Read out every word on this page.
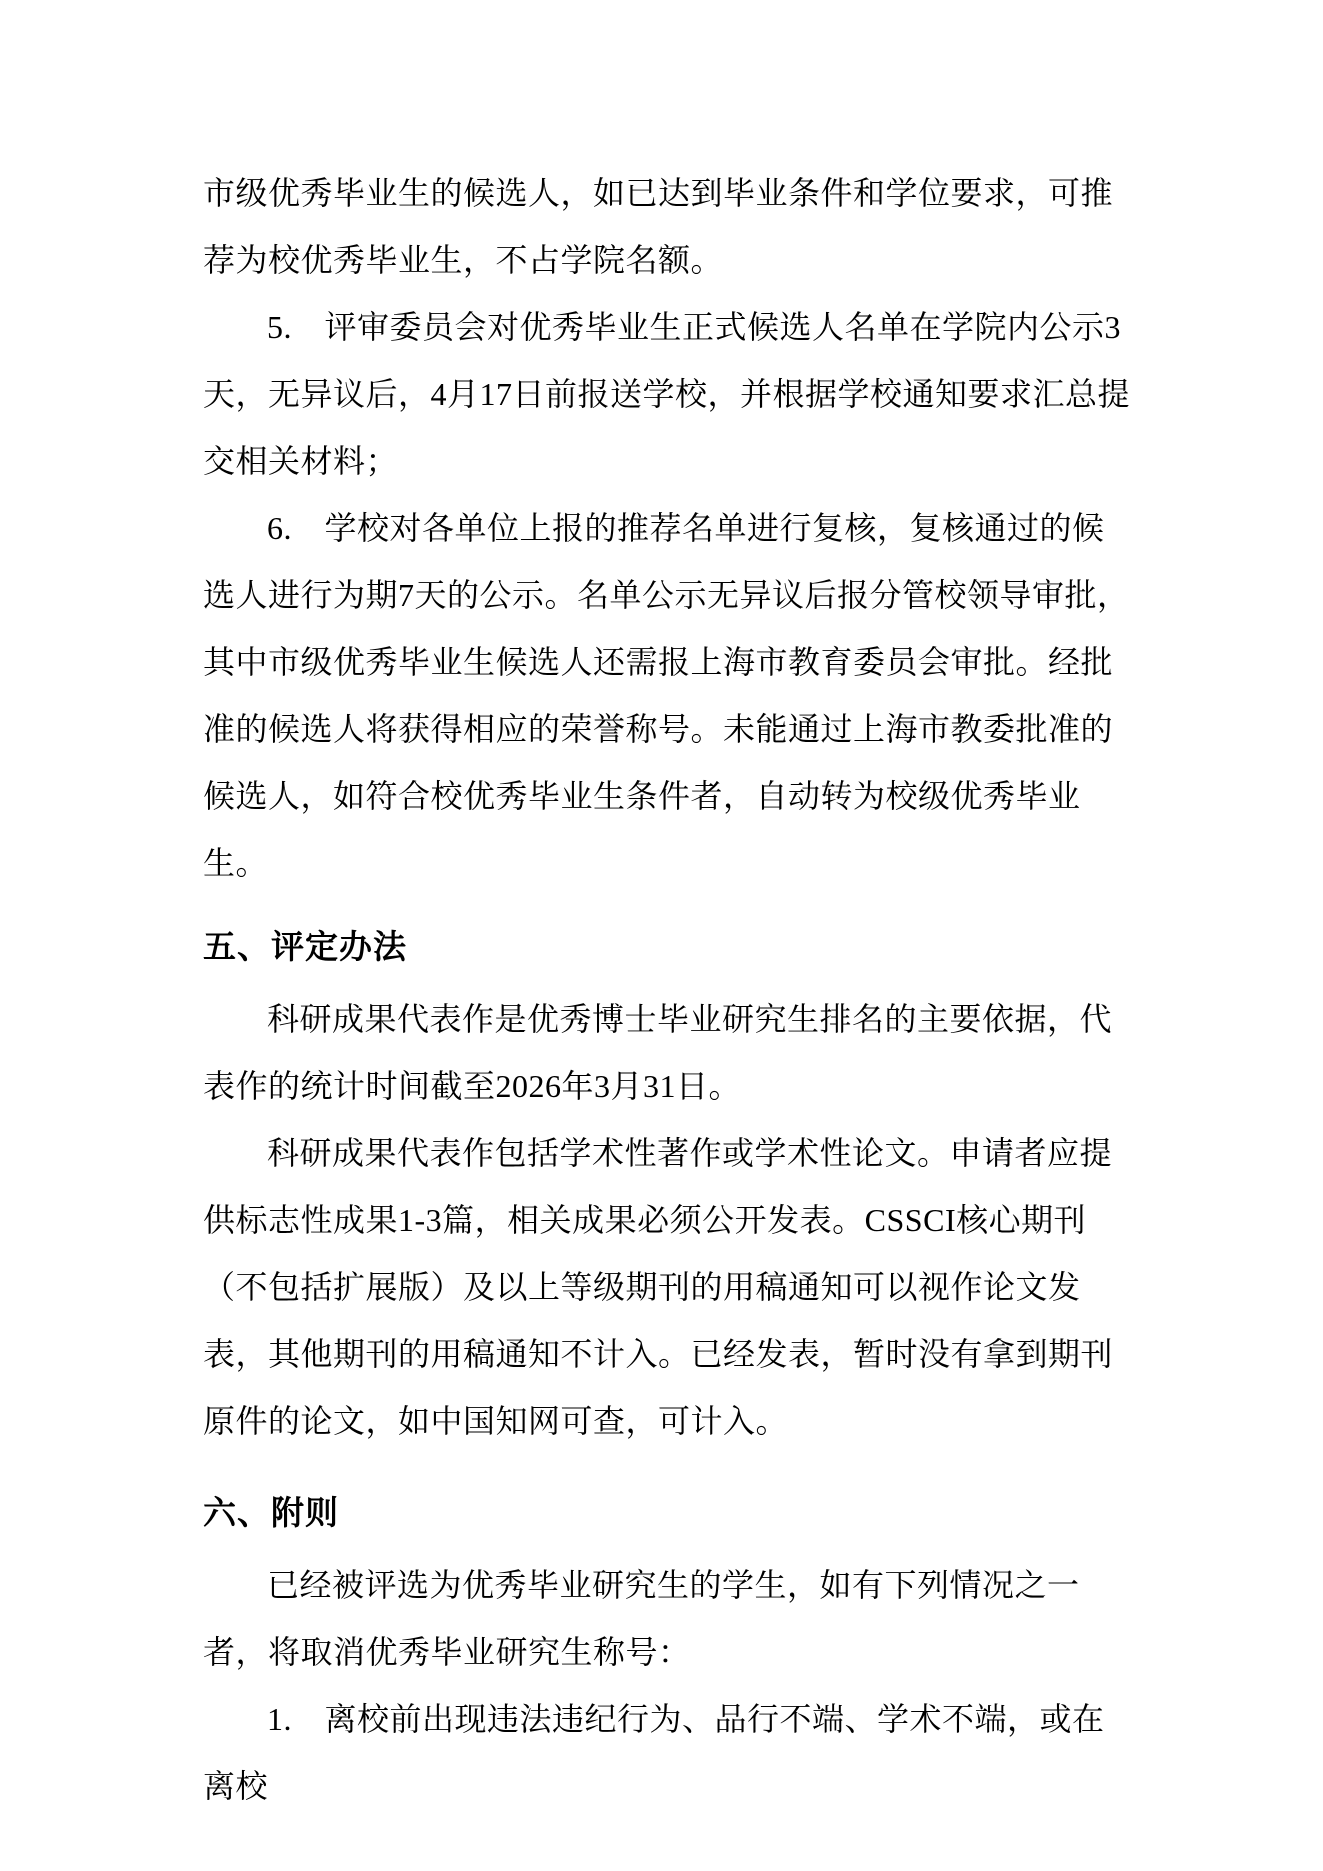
市级优秀毕业生的候选人，如已达到毕业条件和学位要求，可推荐为校优秀毕业生，不占学院名额。

5.　评审委员会对优秀毕业生正式候选人名单在学院内公示3天，无异议后，4月17日前报送学校，并根据学校通知要求汇总提交相关材料；

6.　学校对各单位上报的推荐名单进行复核，复核通过的候选人进行为期7天的公示。名单公示无异议后报分管校领导审批，其中市级优秀毕业生候选人还需报上海市教育委员会审批。经批准的候选人将获得相应的荣誉称号。未能通过上海市教委批准的候选人，如符合校优秀毕业生条件者，自动转为校级优秀毕业生。

五、评定办法

科研成果代表作是优秀博士毕业研究生排名的主要依据，代表作的统计时间截至2026年3月31日。

科研成果代表作包括学术性著作或学术性论文。申请者应提供标志性成果1-3篇，相关成果必须公开发表。CSSCI核心期刊（不包括扩展版）及以上等级期刊的用稿通知可以视作论文发表，其他期刊的用稿通知不计入。已经发表，暂时没有拿到期刊原件的论文，如中国知网可查，可计入。

六、附则

已经被评选为优秀毕业研究生的学生，如有下列情况之一者，将取消优秀毕业研究生称号：

1.　离校前出现违法违纪行为、品行不端、学术不端，或在离校
